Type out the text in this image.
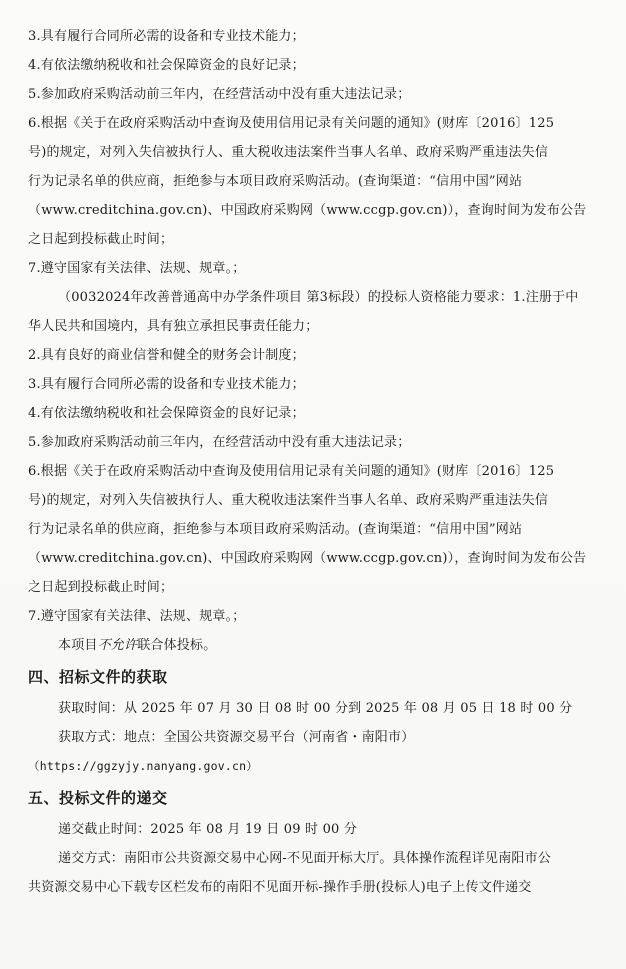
3.具有履行合同所必需的设备和专业技术能力；
4.有依法缴纳税收和社会保障资金的良好记录；
5.参加政府采购活动前三年内，在经营活动中没有重大违法记录；
6.根据《关于在政府采购活动中查询及使用信用记录有关问题的通知》(财库〔2016〕125
号)的规定，对列入失信被执行人、重大税收违法案件当事人名单、政府采购严重违法失信
行为记录名单的供应商，拒绝参与本项目政府采购活动。(查询渠道：“信用中国”网站
（www.creditchina.gov.cn)、中国政府采购网（www.ccgp.gov.cn)），查询时间为发布公告
之日起到投标截止时间；
7.遵守国家有关法律、法规、规章。；
（0032024年改善普通高中办学条件项目 第3标段）的投标人资格能力要求：1.注册于中
华人民共和国境内，具有独立承担民事责任能力；
2.具有良好的商业信誉和健全的财务会计制度；
3.具有履行合同所必需的设备和专业技术能力；
4.有依法缴纳税收和社会保障资金的良好记录；
5.参加政府采购活动前三年内，在经营活动中没有重大违法记录；
6.根据《关于在政府采购活动中查询及使用信用记录有关问题的通知》(财库〔2016〕125
号)的规定，对列入失信被执行人、重大税收违法案件当事人名单、政府采购严重违法失信
行为记录名单的供应商，拒绝参与本项目政府采购活动。(查询渠道：“信用中国”网站
（www.creditchina.gov.cn)、中国政府采购网（www.ccgp.gov.cn)），查询时间为发布公告
之日起到投标截止时间；
7.遵守国家有关法律、法规、规章。；
本项目不允许联合体投标。
四、招标文件的获取
获取时间：从 2025 年 07 月 30 日 08 时 00 分到 2025 年 08 月 05 日 18 时 00 分
获取方式：地点：全国公共资源交易平台（河南省・南阳市）
（https://ggzyjy.nanyang.gov.cn）
五、投标文件的递交
递交截止时间：2025 年 08 月 19 日 09 时 00 分
递交方式：南阳市公共资源交易中心网-不见面开标大厅。具体操作流程详见南阳市公
共资源交易中心下载专区栏发布的南阳不见面开标-操作手册(投标人)电子上传文件递交
